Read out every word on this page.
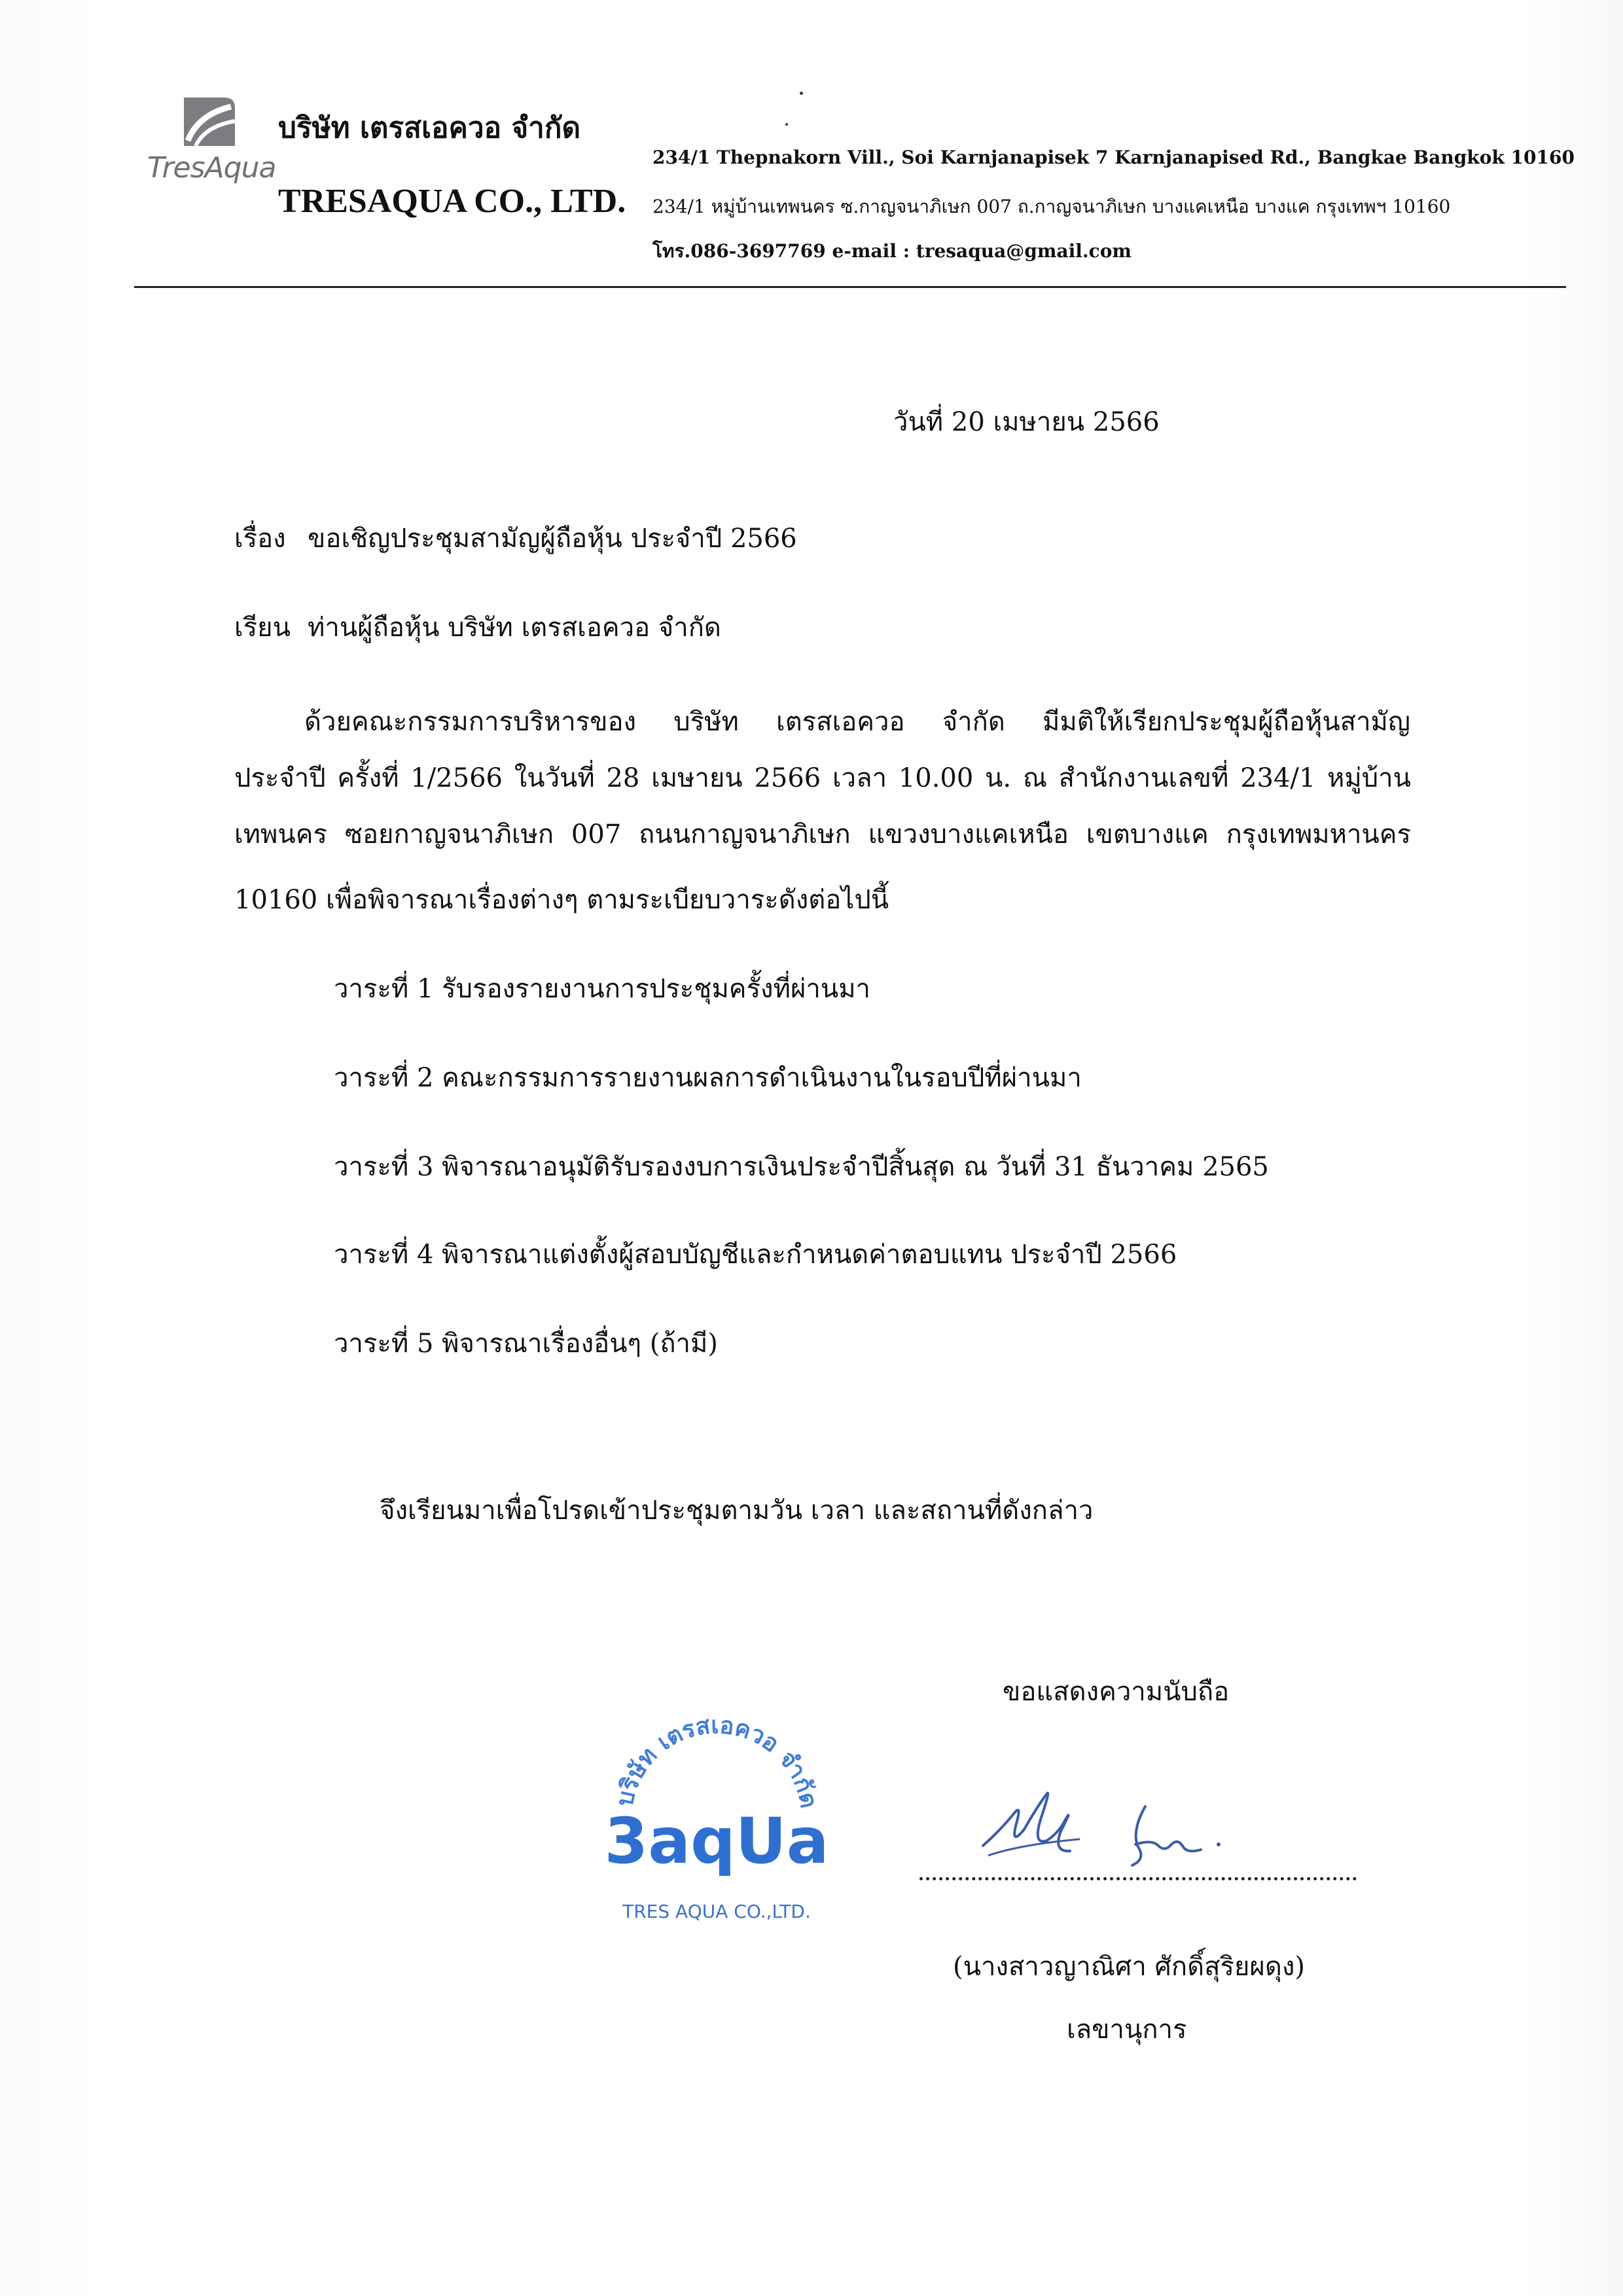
TresAqua
บริษัท เตรสเอควอ จำกัด
TRESAQUA CO., LTD.
234/1 Thepnakorn Vill., Soi Karnjanapisek 7 Karnjanapised Rd., Bangkae Bangkok 10160
234/1 หมู่บ้านเทพนคร ซ.กาญจนาภิเษก 007 ถ.กาญจนาภิเษก บางแคเหนือ บางแค กรุงเทพฯ 10160
โทร.086-3697769 e-mail : tresaqua@gmail.com
วันที่ 20 เมษายน 2566
เรื่อง ขอเชิญประชุมสามัญผู้ถือหุ้น ประจำปี 2566
เรียน ท่านผู้ถือหุ้น บริษัท เตรสเอควอ จำกัด
ด้วยคณะกรรมการบริหารของ บริษัท เตรสเอควอ จำกัด มีมติให้เรียกประชุมผู้ถือหุ้นสามัญ
ประจำปี ครั้งที่ 1/2566 ในวันที่ 28 เมษายน 2566 เวลา 10.00 น. ณ สำนักงานเลขที่ 234/1 หมู่บ้าน
เทพนคร ซอยกาญจนาภิเษก 007 ถนนกาญจนาภิเษก แขวงบางแคเหนือ เขตบางแค กรุงเทพมหานคร
10160 เพื่อพิจารณาเรื่องต่างๆ ตามระเบียบวาระดังต่อไปนี้
วาระที่ 1 รับรองรายงานการประชุมครั้งที่ผ่านมา
วาระที่ 2 คณะกรรมการรายงานผลการดำเนินงานในรอบปีที่ผ่านมา
วาระที่ 3 พิจารณาอนุมัติรับรองงบการเงินประจำปีสิ้นสุด ณ วันที่ 31 ธันวาคม 2565
วาระที่ 4 พิจารณาแต่งตั้งผู้สอบบัญชีและกำหนดค่าตอบแทน ประจำปี 2566
วาระที่ 5 พิจารณาเรื่องอื่นๆ (ถ้ามี)
จึงเรียนมาเพื่อโปรดเข้าประชุมตามวัน เวลา และสถานที่ดังกล่าว
ขอแสดงความนับถือ
บริษัท เตรสเอควอ จำกัด
3aqUa
TRES AQUA CO.,LTD.
(นางสาวญาณิศา ศักดิ์สุริยผดุง)
เลขานุการ
